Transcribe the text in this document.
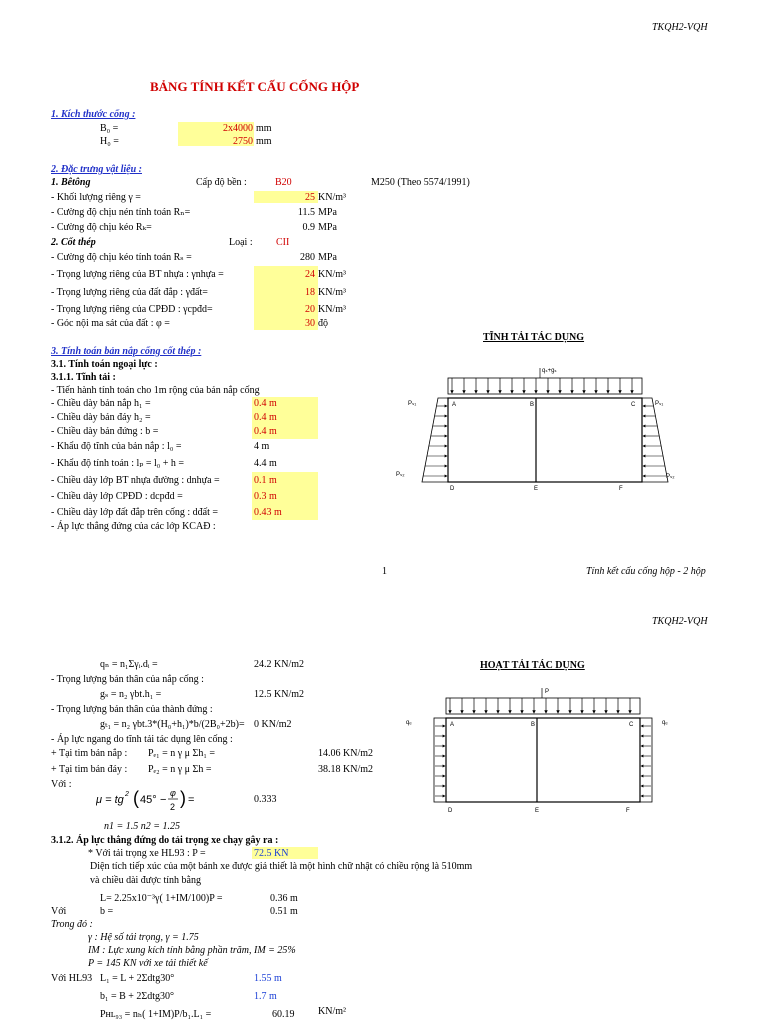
TKQH2-VQH
BẢNG TÍNH KẾT CẤU CỐNG HỘP
1. Kích thước cống :
B₀ =	2x4000 mm
H₀ =	2750 mm
2. Đặc trưng vật liệu :
1. Bêtông	Cấp độ bền :	B20	M250 (Theo 5574/1991)
- Khối lượng riêng γ =	25 KN/m³
- Cường độ chịu nén tính toán Rₙ=	11.5 MPa
- Cường độ chịu kéo Rₖ=	0.9 MPa
2. Cốt thép	Loại : CII
- Cường độ chịu kéo tính toán Rₛ =	280 MPa
- Trọng lượng riêng của BT nhựa : γnhựa =	24 KN/m³
- Trọng lượng riêng của đất đắp : γđất=	18 KN/m³
- Trọng lượng riêng của CPĐD : γcpđd=	20 KN/m³
- Góc nội ma sát của đất : φ =	30 độ
3. Tính toán bản nắp cống cốt thép :
3.1. Tính toán ngoại lực :
3.1.1. Tĩnh tải :
- Tiến hành tính toán cho 1m rộng của bản nắp cống
- Chiều dày bản nắp h₁ =	0.4 m
- Chiều dày bản đáy h₂ =	0.4 m
- Chiều dày bản đứng : b =	0.4 m
- Khẩu độ tĩnh của bản nắp : l₀ =	4 m
- Khẩu độ tính toán : lₚ = l₀ + h =	4.4 m
- Chiều dày lớp BT nhựa đường : dnhựa =	0.1 m
- Chiều dày lớp CPĐD : dcpđd =	0.3 m
- Chiều dày lớp đất đắp trên cống : dđất =	0.43 m
- Áp lực thẳng đứng của các lớp KCAĐ :
TĨNH TẢI TÁC DỤNG
qₛ+gₛ
Pₛ₁	Pₛ₁
Pₛ₂	Pₛ₂
A	B	C
D	E	F
1	Tính kết cấu cống hộp - 2 hộp
TKQH2-VQH
qₙ = n₁Σγᵢ.dᵢ =	24.2 KN/m2
- Trọng lượng bản thân của nắp cống :
gₛ = n₂ γbt.h₁ =	12.5 KN/m2
- Trọng lượng bản thân của thành đứng :
gₜ₁ = n₂ γbt.3*(H₀+h₁)*b/(2B₀+2b)= 0 KN/m2
- Áp lực ngang do tĩnh tải tác dụng lên cống :
+ Tại tim bản nắp : Pₑ₁ = n γ μ Σh₁ =	14.06 KN/m2
+ Tại tim bản đáy : Pₑ₂ = n γ μ Σh =	38.18 KN/m2
Với :
μ = tg 2 ( 45° −
φ
2 ) =	0.333
n1 = 1.5 n2 = 1.25
3.1.2. Áp lực thẳng đứng do tải trọng xe chạy gây ra :
* Với tải trọng xe HL93 : P =	72.5 KN
Diện tích tiếp xúc của một bánh xe được giả thiết là một hình chữ nhật có chiều rộng là 510mm
và chiều dài được tính bằng
L= 2.25x10⁻³γ( 1+IM/100)P =	0.36 m
Với	b =	0.51 m
Trong đó :
γ : Hệ số tải trọng, γ = 1.75
IM : Lực xung kích tính bằng phần trăm, IM = 25%
P = 145 KN với xe tải thiết kế
Với HL93 L₁ = L + 2Σdtg30°	1.55 m
b₁ = B + 2Σdtg30°	1.7 m
Pʜʟ₉₃ = nₕ( 1+IM)P/b₁.L₁ =	60.19 KN/m²
HOẠT TẢI TÁC DỤNG
P
qₑ	qₑ
A	B	C
D	E	F
